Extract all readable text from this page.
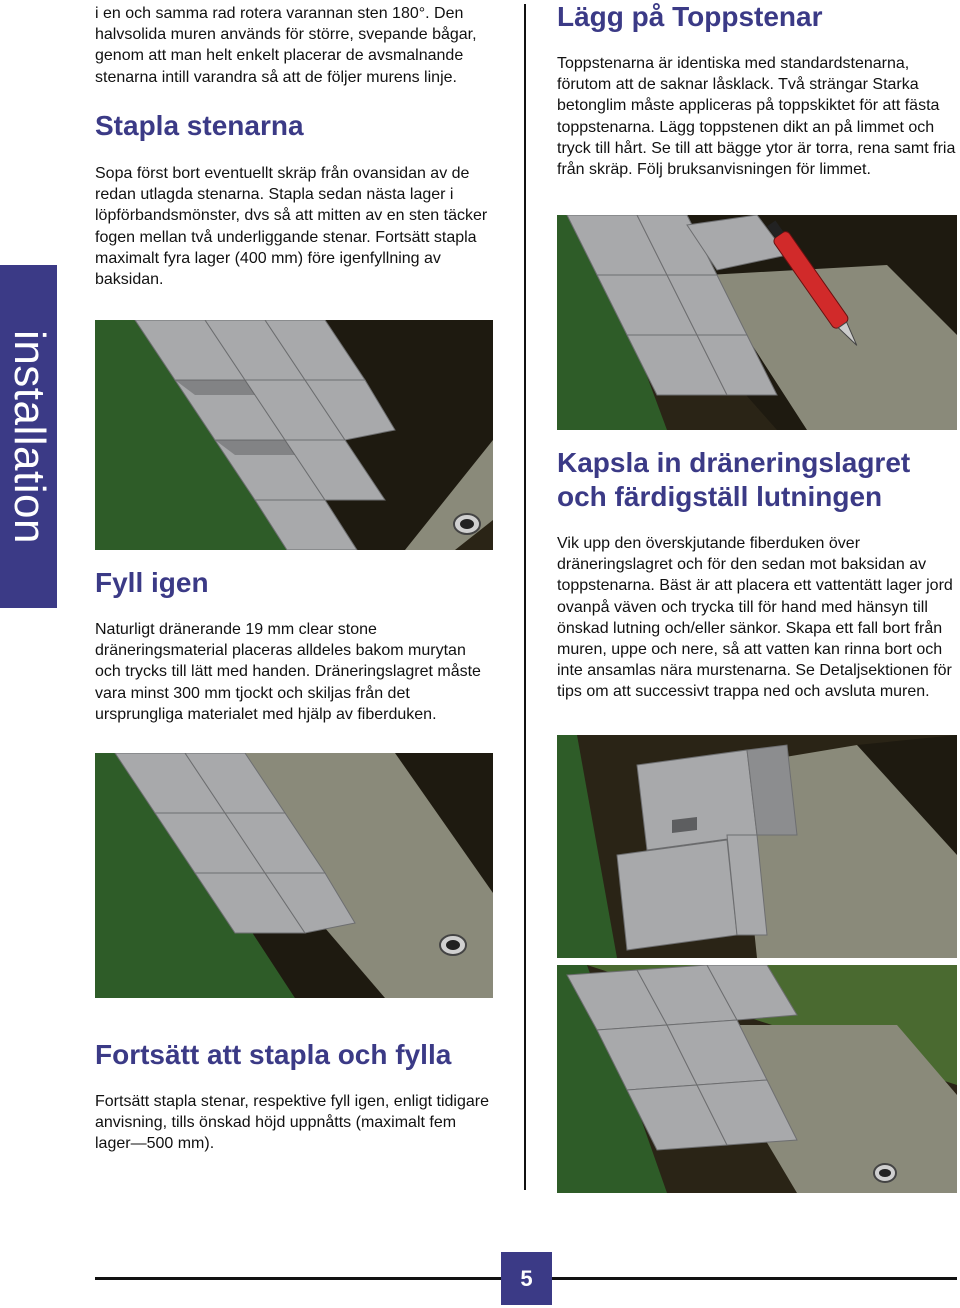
installation

i en och samma rad rotera varannan sten 180°. Den halvsolida muren används för större, svepande bågar, genom att man helt enkelt placerar de avsmalnande stenarna intill varandra så att de följer murens linje.

Stapla stenarna

Sopa först bort eventuellt skräp från ovansidan av de redan utlagda stenarna. Stapla sedan nästa lager i löpförbandsmönster, dvs så att mitten av en sten täcker fogen mellan två underliggande stenar. Fortsätt stapla maximalt fyra lager (400 mm) före igenfyllning av baksidan.

Fyll igen

Naturligt dränerande 19 mm clear stone dräneringsmaterial placeras alldeles bakom murytan och trycks till lätt med handen. Dräneringslagret måste vara minst 300 mm tjockt och skiljas från det ursprungliga materialet med hjälp av fiberduken.

Fortsätt att stapla och fylla

Fortsätt stapla stenar, respektive fyll igen, enligt tidigare anvisning, tills önskad höjd uppnåtts (maximalt fem lager—500 mm).

Lägg på Toppstenar

Toppstenarna är identiska med standardstenarna, förutom att de saknar låsklack. Två strängar Starka betonglim måste appliceras på toppskiktet för att fästa toppstenarna. Lägg toppstenen dikt an på limmet och tryck till hårt. Se till att bägge ytor är torra, rena samt fria från skräp. Följ bruksanvisningen för limmet.

Kapsla in dräneringslagret och färdigställ lutningen

Vik upp den överskjutande fiberduken över dräneringslagret och för den sedan mot baksidan av toppstenarna. Bäst är att placera ett vattentätt lager jord ovanpå väven och trycka till för hand med hänsyn till önskad lutning och/eller sänkor. Skapa ett fall bort från muren, uppe och nere, så att vatten kan rinna bort och inte ansamlas nära murstenarna. Se Detaljsektionen för tips om att successivt trappa ned och avsluta muren.

5
